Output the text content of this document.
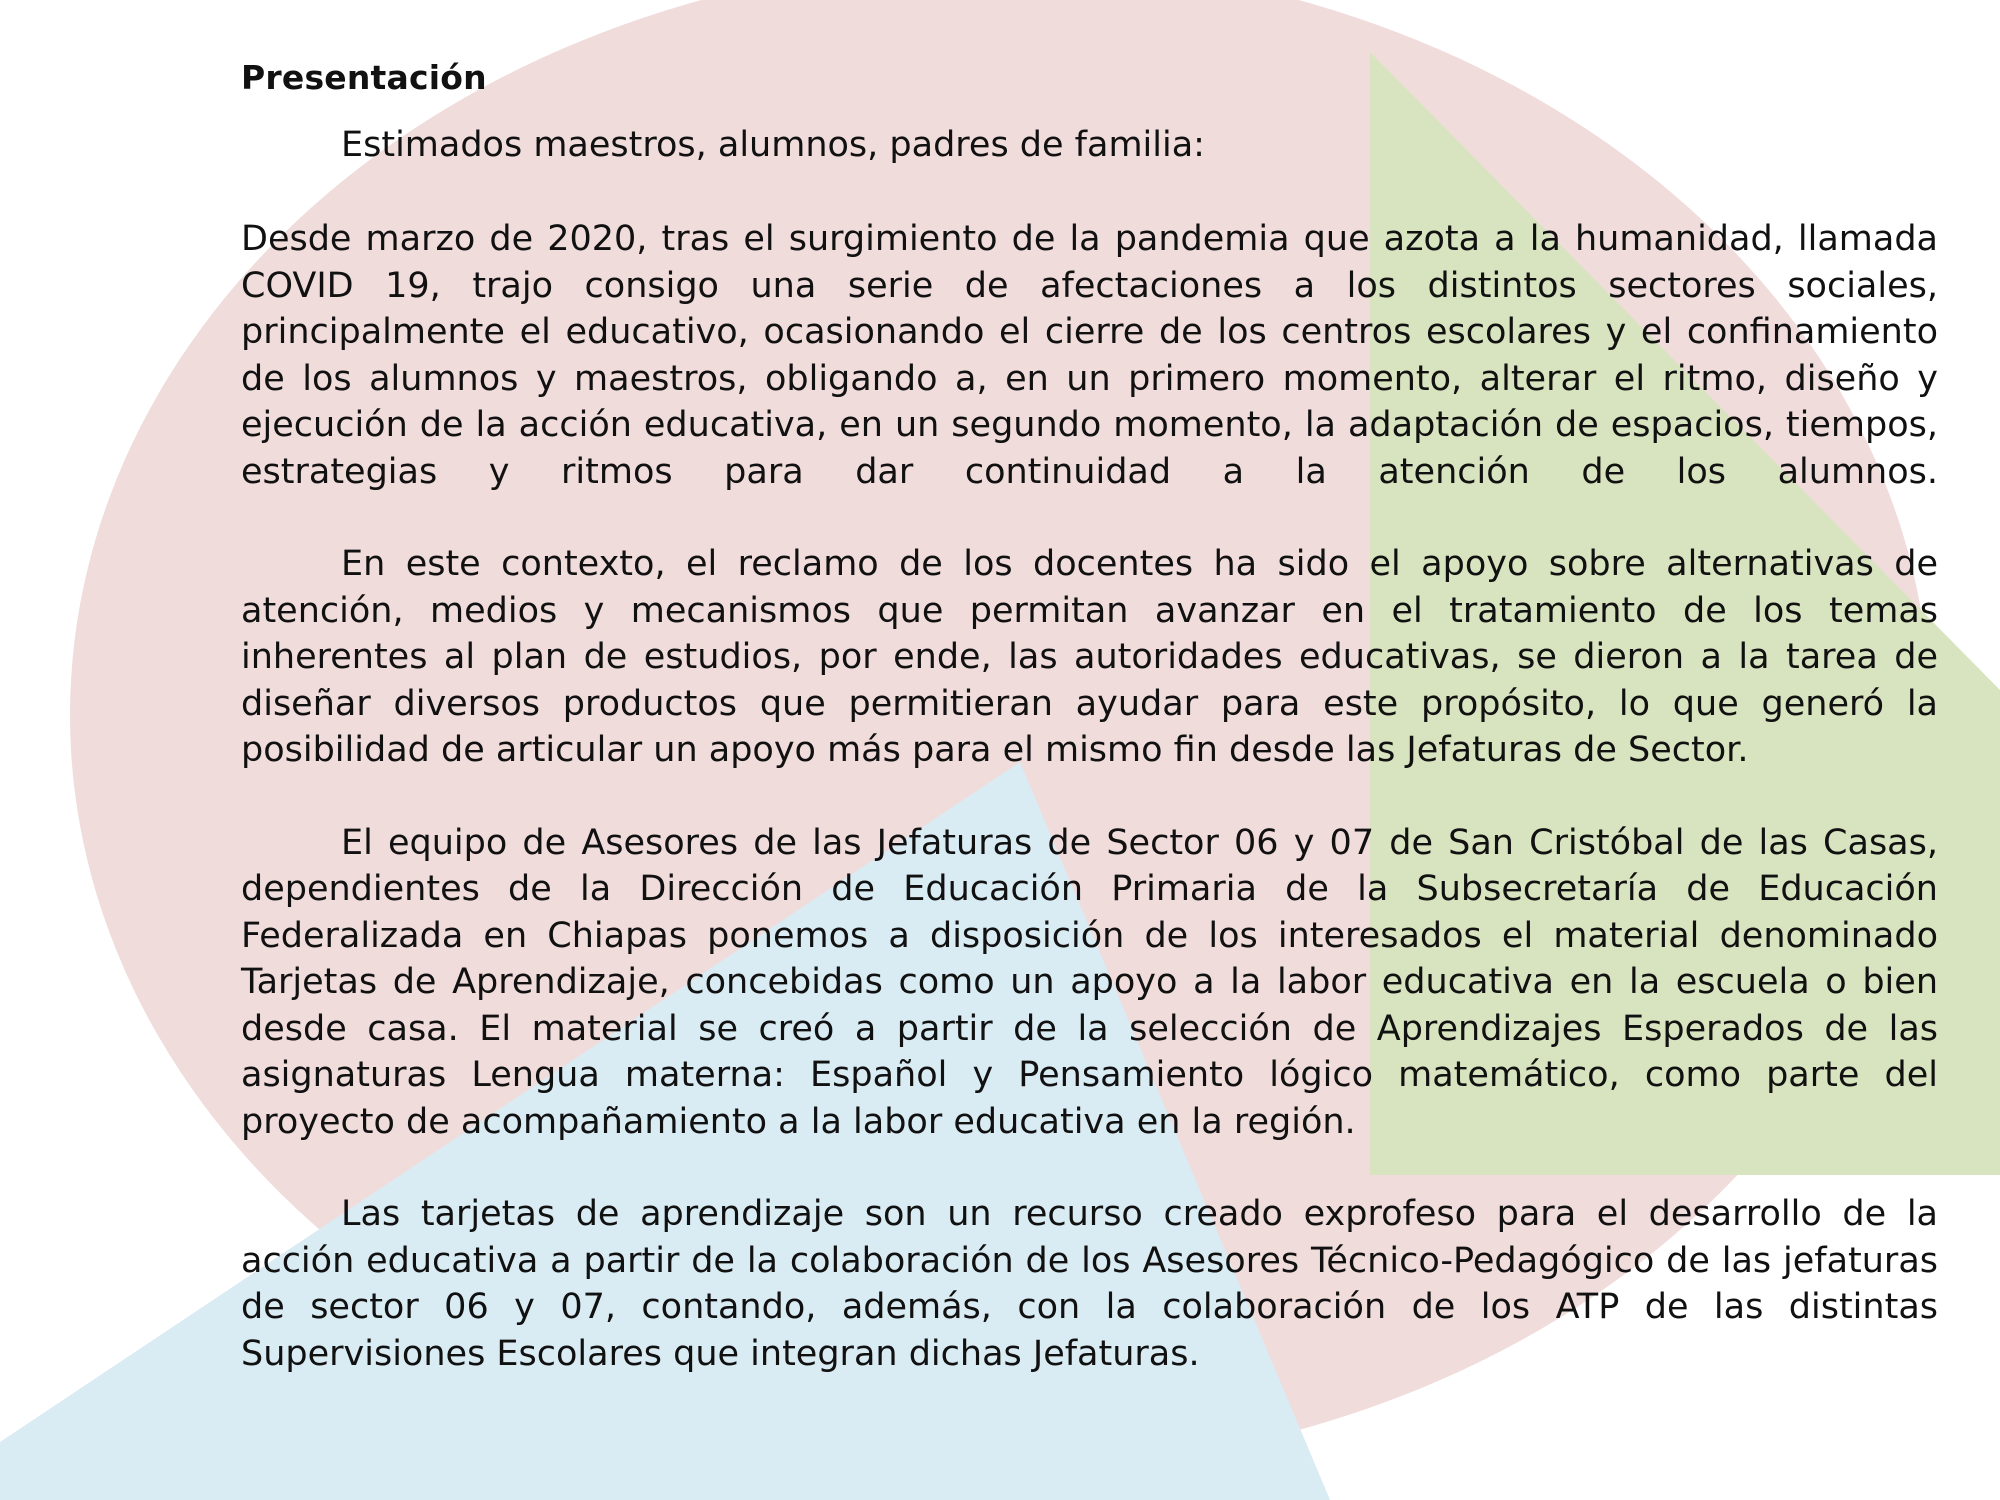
Presentación
Estimados maestros, alumnos, padres de familia:

Desde marzo de 2020, tras el surgimiento de la pandemia que azota a la humanidad, llamada COVID 19, trajo consigo una serie de afectaciones a los distintos sectores sociales, principalmente el educativo, ocasionando el cierre de los centros escolares y el confinamiento de los alumnos y maestros, obligando a, en un primero momento, alterar el ritmo, diseño y ejecución de la acción educativa, en un segundo momento, la adaptación de espacios, tiempos, estrategias y ritmos para dar continuidad a la atención de los alumnos.

En este contexto, el reclamo de los docentes ha sido el apoyo sobre alternativas de atención, medios y mecanismos que permitan avanzar en el tratamiento de los temas inherentes al plan de estudios, por ende, las autoridades educativas, se dieron a la tarea de diseñar diversos productos que permitieran ayudar para este propósito, lo que generó la posibilidad de articular un apoyo más para el mismo fin desde las Jefaturas de Sector.

El equipo de Asesores de las Jefaturas de Sector 06 y 07 de San Cristóbal de las Casas, dependientes de la Dirección de Educación Primaria de la Subsecretaría de Educación Federalizada en Chiapas ponemos a disposición de los interesados el material denominado Tarjetas de Aprendizaje, concebidas como un apoyo a la labor educativa en la escuela o bien desde casa. El material se creó a partir de la selección de Aprendizajes Esperados de las asignaturas Lengua materna: Español y Pensamiento lógico matemático, como parte del proyecto de acompañamiento a la labor educativa en la región.

Las tarjetas de aprendizaje son un recurso creado exprofeso para el desarrollo de la acción educativa a partir de la colaboración de los Asesores Técnico-Pedagógico de las jefaturas de sector 06 y 07, contando, además, con la colaboración de los ATP de las distintas Supervisiones Escolares que integran dichas Jefaturas.
